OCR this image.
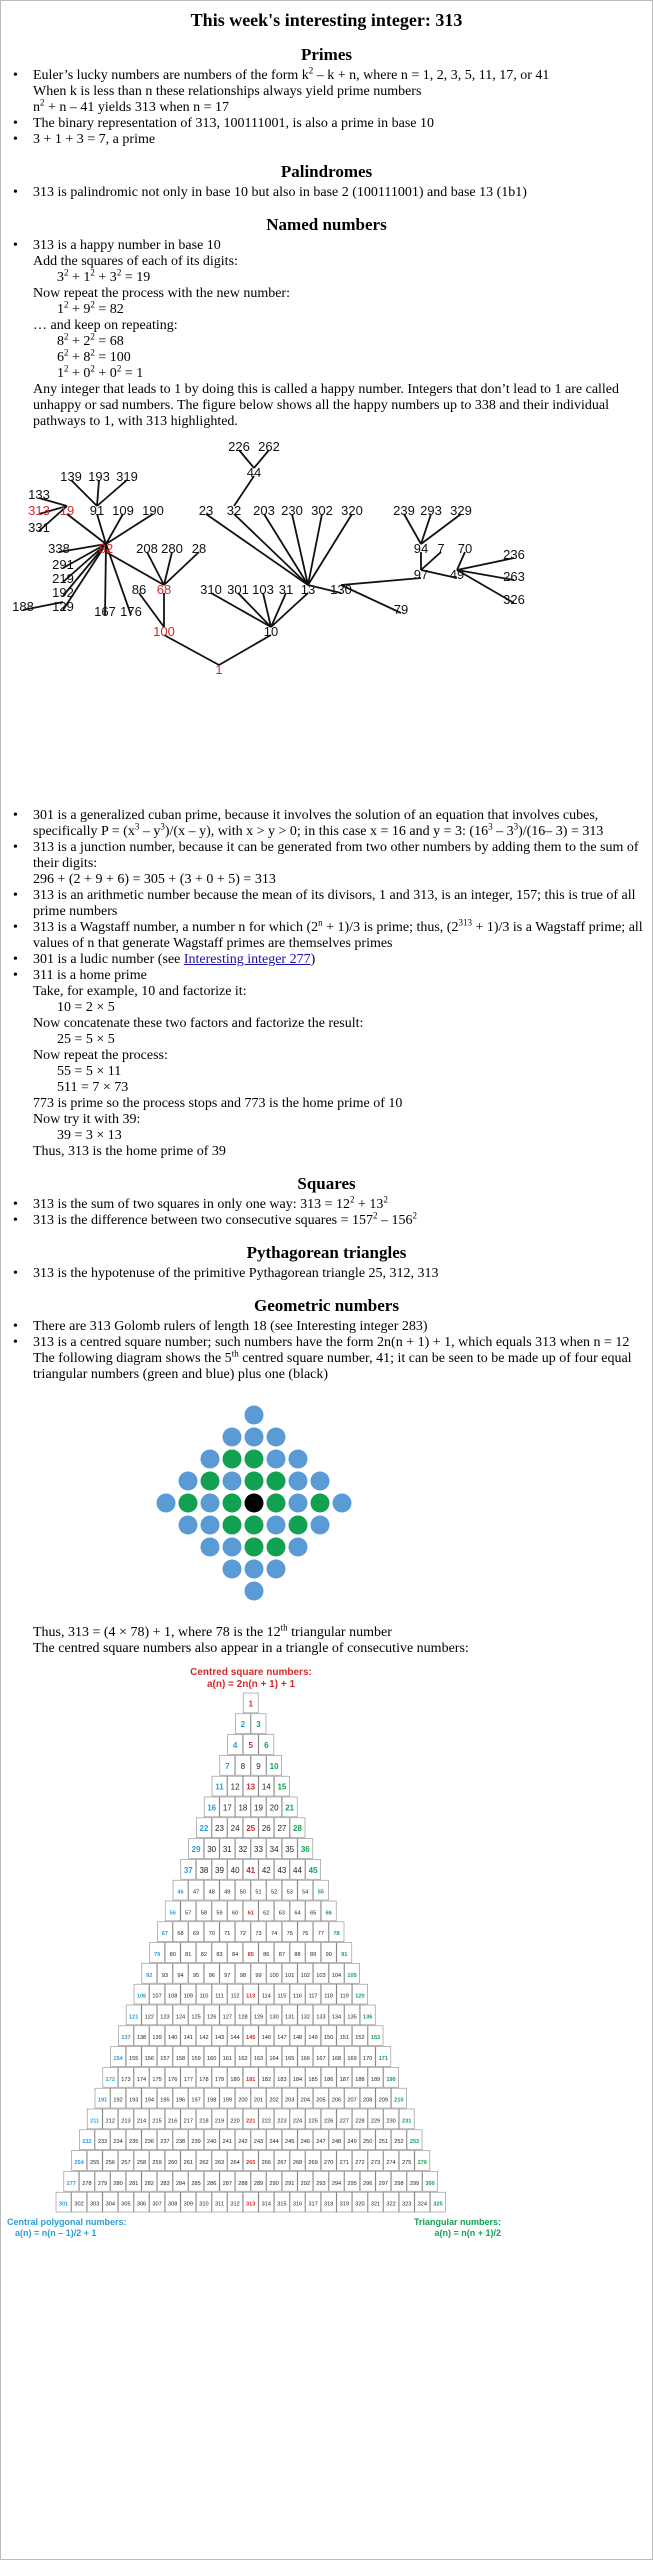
This week's interesting integer: 313
Primes
• Euler’s lucky numbers are numbers of the form $k^2 - k + n$, where n = 1, 2, 3, 5, 11, 17, or 41
When k is less than n these relationships always yield prime numbers
$n^2 + n - 41$ yields 313 when n = 17
• The binary representation of 313, 100111001, is also a prime in base 10
• 3 + 1 + 3 = 7, a prime
Palindromes
• 313 is palindromic not only in base 10 but also in base 2 (100111001) and base 13 (1b1)
Named numbers
• 313 is a happy number in base 10
Add the squares of each of its digits:
$3^2 + 1^2 + 3^2 = 19$
Now repeat the process with the new number:
$1^2 + 9^2 = 82$
… and keep on repeating:
$8^2 + 2^2 = 68$
$6^2 + 8^2 = 100$
$1^2 + 0^2 + 0^2 = 1$
Any integer that leads to 1 by doing this is called a happy number. Integers that don’t lead to 1 are called unhappy or sad numbers. The figure below shows all the happy numbers up to 338 and their individual pathways to 1, with 313 highlighted.
226 262
44
139 193 319
133
313 19 91 109 190	23 32 203 230 302 320 239 293 329
331
338 82 208 280 28	94 7 70 236
291
219
192
129
188	167 176
86 68 310 301 103 31 13 130
97 49	263
326
79
100	10
1
• 301 is a generalized cuban prime, because it involves the solution of an equation that involves cubes, specifically $P = (x^3 - y^3)/(x - y)$, with x > y > 0; in this case x = 16 and y = 3: $(16^3 - 3^3)/(16-$ 3) = 313
• 313 is a junction number, because it can be generated from two other numbers by adding them to the sum of their digits:
296 + (2 + 9 + 6) = 305 + (3 + 0 + 5) = 313
• 313 is an arithmetic number because the mean of its divisors, 1 and 313, is an integer, 157; this is true of all prime numbers
• 313 is a Wagstaff number, a number n for which $(2^n + 1)/3$ is prime; thus, $(2^{313} + 1)/3$ is a Wagstaff prime; all values of n that generate Wagstaff primes are themselves primes
• 301 is a ludic number (see Interesting integer 277)
• 311 is a home prime
Take, for example, 10 and factorize it:
10 = 2 × 5
Now concatenate these two factors and factorize the result:
25 = 5 × 5
Now repeat the process:
55 = 5 × 11
511 = 7 × 73
773 is prime so the process stops and 773 is the home prime of 10
Now try it with 39:
39 = 3 × 13
Thus, 313 is the home prime of 39
Squares
• 313 is the sum of two squares in only one way: $313 = 12^2 + 13^2$
• 313 is the difference between two consecutive squares = $157^2 - 156^2$
Pythagorean triangles
• 313 is the hypotenuse of the primitive Pythagorean triangle 25, 312, 313
Geometric numbers
• There are 313 Golomb rulers of length 18 (see Interesting integer 283)
• 313 is a centred square number; such numbers have the form 2n(n + 1) + 1, which equals 313 when n = 12
The following diagram shows the 5th centred square number, 41; it can be seen to be made up of four equal triangular numbers (green and blue) plus one (black)
Thus, 313 = (4 × 78) + 1, where 78 is the 12th triangular number
The centred square numbers also appear in a triangle of consecutive numbers:
Centred square numbers:
a(n) = 2n(n + 1) + 1
1
2 3
4 5 6
7 8 9 10
11 12 13 14 15
16 17 18 19 20 21
22 23 24 25 26 27 28
29 30 31 32 33 34 35 36
37 38 39 40 41 42 43 44 45
46 47 48 49 50 51 52 53 54 55
56 57 58 59 60 61 62 63 64 65 66
67 68 69 70 71 72 73 74 75 76 77 78
79 80 81 82 83 84 85 86 87 88 89 90 91
92 93 94 95 96 97 98 99 100 101 102 103 104 105
106 107 108 109 110 111 112 113 114 115 116 117 118 119 120
121 122 123 124 125 126 127 128 129 130 131 132 133 134 135 136
137 138 139 140 141 142 143 144 145 146 147 148 149 150 151 152 153
154 155 156 157 158 159 160 161 162 163 164 165 166 167 168 169 170 171
172 173 174 175 176 177 178 179 180 181 182 183 184 185 186 187 188 189 190
191 192 193 194 195 196 197 198 199 200 201 202 203 204 205 206 207 208 209 210
211 212 213 214 215 216 217 218 219 220 221 222 223 224 225 226 227 228 229 230 231
232 233 234 235 236 237 238 239 240 241 242 243 244 245 246 247 248 249 250 251 252 253
254 255 256 257 258 259 260 261 262 263 264 265 266 267 268 269 270 271 272 273 274 275 276
277 278 279 280 281 282 283 284 285 286 287 288 289 290 291 292 293 294 295 296 297 298 299 300
301 302 303 304 305 306 307 308 309 310 311 312 313 314 315 316 317 318 319 320 321 322 323 324 325
Central polygonal numbers:
a(n) = n(n – 1)/2 + 1
Triangular numbers:
a(n) = n(n + 1)/2
